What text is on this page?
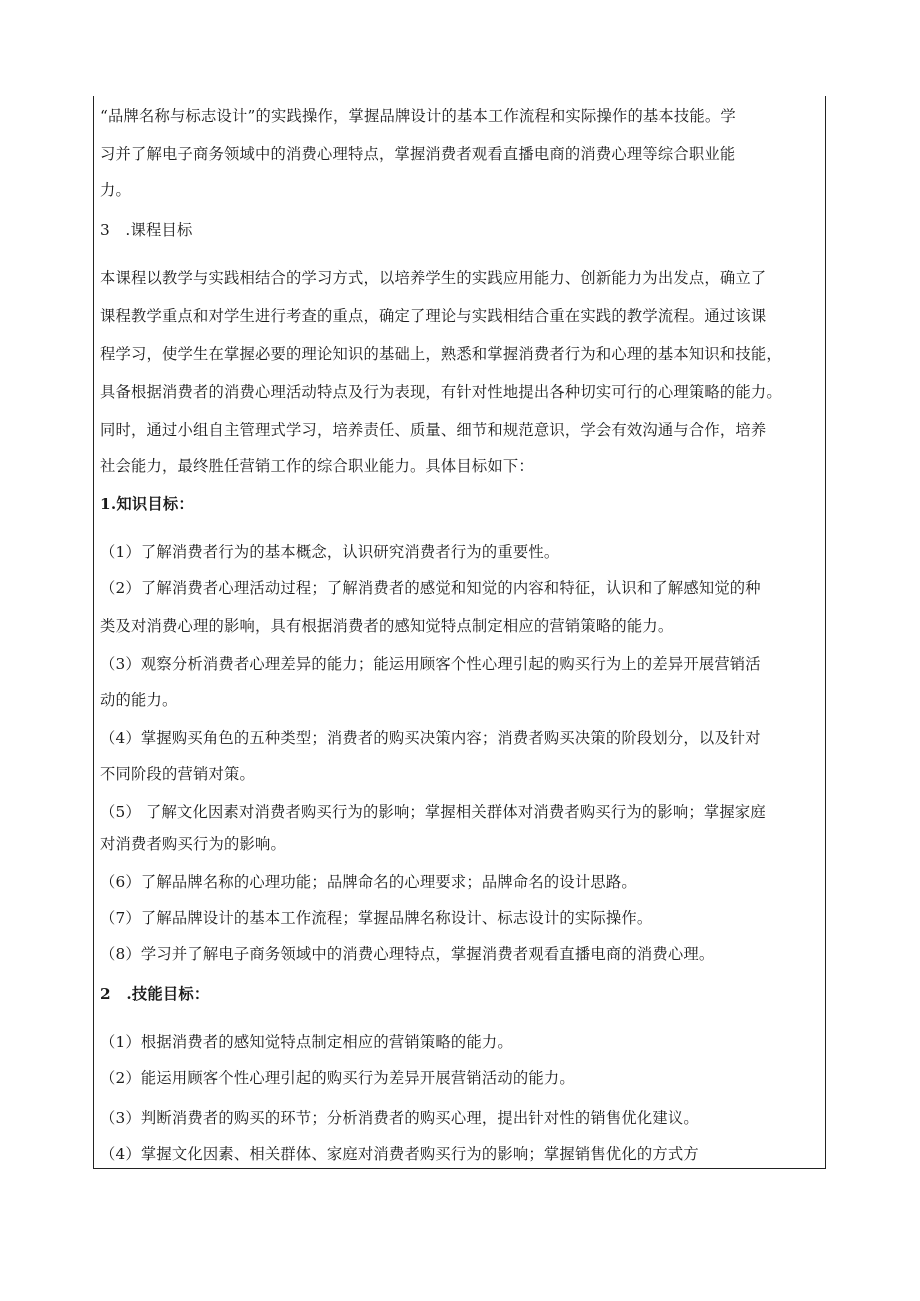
“品牌名称与标志设计”的实践操作，掌握品牌设计的基本工作流程和实际操作的基本技能。学
习并了解电子商务领域中的消费心理特点，掌握消费者观看直播电商的消费心理等综合职业能
力。
3　.课程目标
本课程以教学与实践相结合的学习方式，以培养学生的实践应用能力、创新能力为出发点，确立了
课程教学重点和对学生进行考查的重点，确定了理论与实践相结合重在实践的教学流程。通过该课
程学习，使学生在掌握必要的理论知识的基础上，熟悉和掌握消费者行为和心理的基本知识和技能，
具备根据消费者的消费心理活动特点及行为表现，有针对性地提出各种切实可行的心理策略的能力。
同时，通过小组自主管理式学习，培养责任、质量、细节和规范意识，学会有效沟通与合作，培养
社会能力，最终胜任营销工作的综合职业能力。具体目标如下：
1.知识目标：
（1）了解消费者行为的基本概念，认识研究消费者行为的重要性。
（2）了解消费者心理活动过程；了解消费者的感觉和知觉的内容和特征，认识和了解感知觉的种
类及对消费心理的影响，具有根据消费者的感知觉特点制定相应的营销策略的能力。
（3）观察分析消费者心理差异的能力；能运用顾客个性心理引起的购买行为上的差异开展营销活
动的能力。
（4）掌握购买角色的五种类型；消费者的购买决策内容；消费者购买决策的阶段划分，以及针对
不同阶段的营销对策。
（5） 了解文化因素对消费者购买行为的影响；掌握相关群体对消费者购买行为的影响；掌握家庭
对消费者购买行为的影响。
（6）了解品牌名称的心理功能；品牌命名的心理要求；品牌命名的设计思路。
（7）了解品牌设计的基本工作流程；掌握品牌名称设计、标志设计的实际操作。
（8）学习并了解电子商务领域中的消费心理特点，掌握消费者观看直播电商的消费心理。
2　.技能目标：
（1）根据消费者的感知觉特点制定相应的营销策略的能力。
（2）能运用顾客个性心理引起的购买行为差异开展营销活动的能力。
（3）判断消费者的购买的环节；分析消费者的购买心理，提出针对性的销售优化建议。
（4）掌握文化因素、相关群体、家庭对消费者购买行为的影响；掌握销售优化的方式方
